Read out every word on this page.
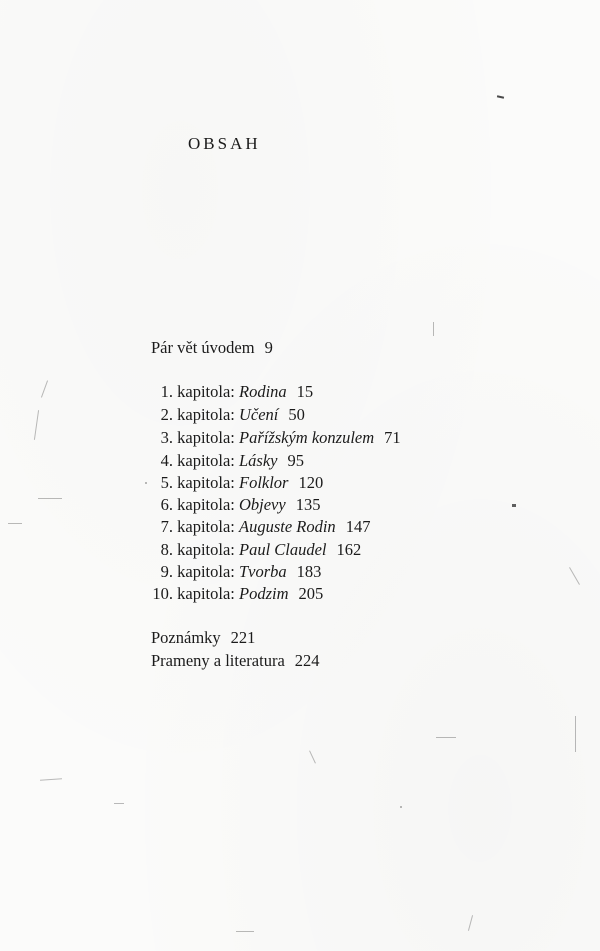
OBSAH
Pár vět úvodem 9
1. kapitola: Rodina 15
2. kapitola: Učení 50
3. kapitola: Pařížským konzulem 71
4. kapitola: Lásky 95
5. kapitola: Folklor 120
6. kapitola: Objevy 135
7. kapitola: Auguste Rodin 147
8. kapitola: Paul Claudel 162
9. kapitola: Tvorba 183
10. kapitola: Podzim 205
Poznámky 221
Prameny a literatura 224
